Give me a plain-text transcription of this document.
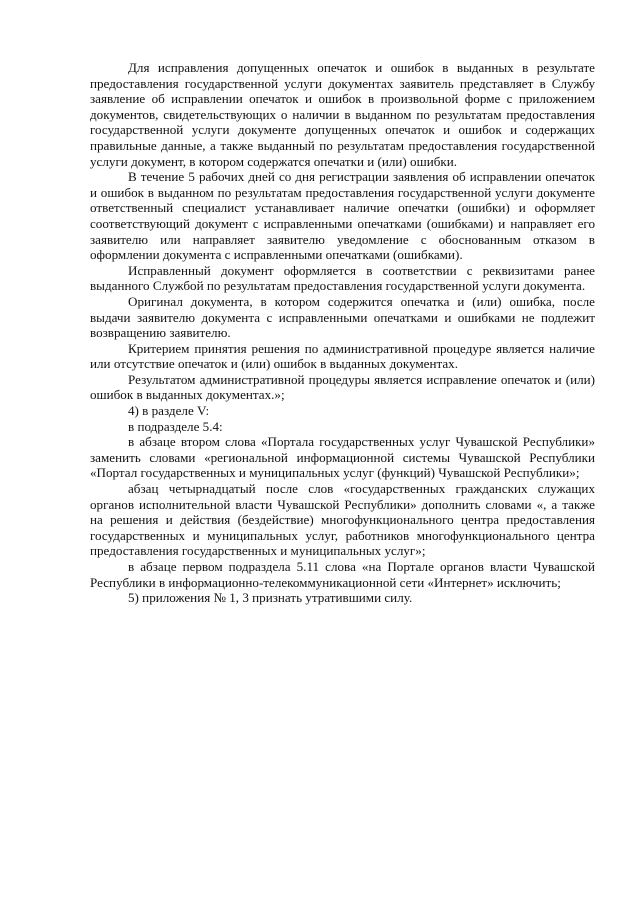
Для исправления допущенных опечаток и ошибок в выданных в результате предоставления государственной услуги документах заявитель представляет в Службу заявление об исправлении опечаток и ошибок в произвольной форме с приложением документов, свидетельствующих о наличии в выданном по результатам предоставления государственной услуги документе допущенных опечаток и ошибок и содержащих правильные данные, а также выданный по результатам предоставления государственной услуги документ, в котором содержатся опечатки и (или) ошибки.

В течение 5 рабочих дней со дня регистрации заявления об исправлении опечаток и ошибок в выданном по результатам предоставления государственной услуги документе ответственный специалист устанавливает наличие опечатки (ошибки) и оформляет соответствующий документ с исправленными опечатками (ошибками) и направляет его заявителю или направляет заявителю уведомление с обоснованным отказом в оформлении документа с исправленными опечатками (ошибками).

Исправленный документ оформляется в соответствии с реквизитами ранее выданного Службой по результатам предоставления государственной услуги документа.

Оригинал документа, в котором содержится опечатка и (или) ошибка, после выдачи заявителю документа с исправленными опечатками и ошибками не подлежит возвращению заявителю.

Критерием принятия решения по административной процедуре является наличие или отсутствие опечаток и (или) ошибок в выданных документах.

Результатом административной процедуры является исправление опечаток и (или) ошибок в выданных документах.»;

4) в разделе V:

в подразделе 5.4:

в абзаце втором слова «Портала государственных услуг Чувашской Республики» заменить словами «региональной информационной системы Чувашской Республики «Портал государственных и муниципальных услуг (функций) Чувашской Республики»;

абзац четырнадцатый после слов «государственных гражданских служащих органов исполнительной власти Чувашской Республики» дополнить словами «, а также на решения и действия (бездействие) многофункционального центра предоставления государственных и муниципальных услуг, работников многофункционального центра предоставления государственных и муниципальных услуг»;

в абзаце первом подраздела 5.11 слова «на Портале органов власти Чувашской Республики в информационно-телекоммуникационной сети «Интернет» исключить;

5) приложения № 1, 3 признать утратившими силу.
